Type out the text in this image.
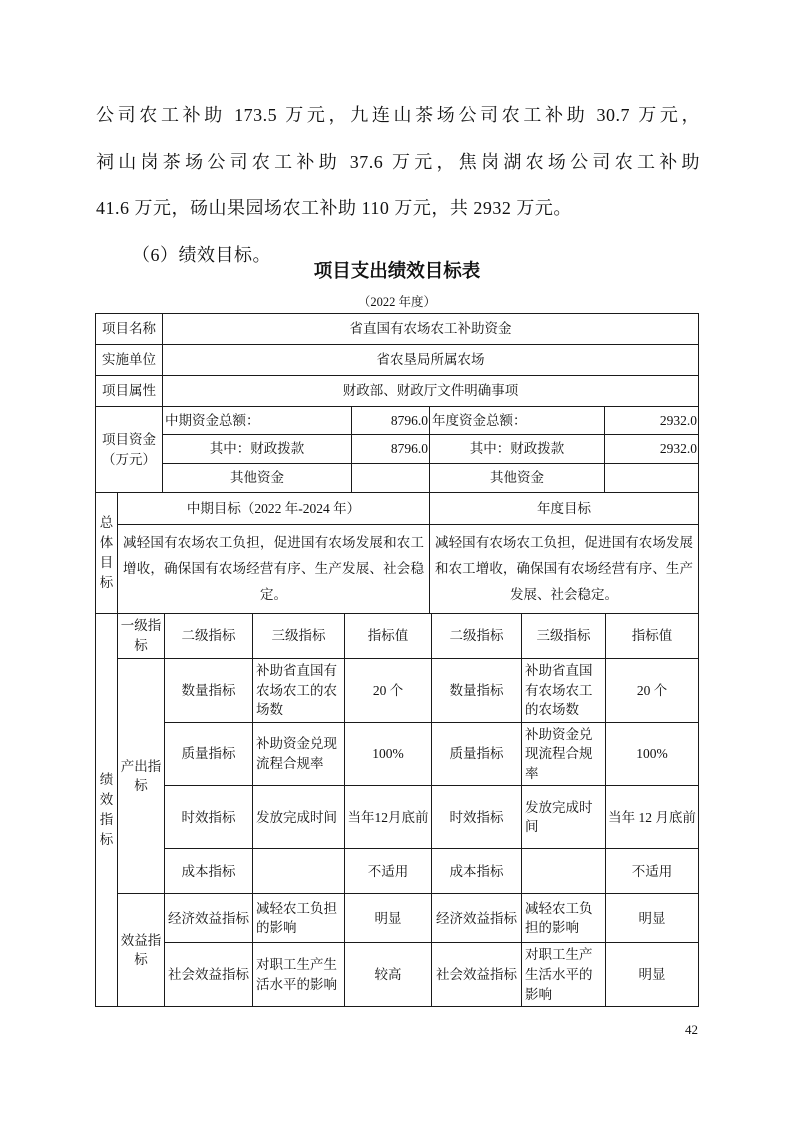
公司农工补助 173.5 万元，九连山茶场公司农工补助 30.7 万元，
祠山岗茶场公司农工补助 37.6 万元，焦岗湖农场公司农工补助
41.6 万元，砀山果园场农工补助 110 万元，共 2932 万元。
（6）绩效目标。
项目支出绩效目标表
（2022 年度）
项目名称	省直国有农场农工补助资金
实施单位	省农垦局所属农场
项目属性	财政部、财政厅文件明确事项
项目资金（万元）	中期资金总额：	8796.0	年度资金总额：	2932.0
	其中：财政拨款	8796.0	其中：财政拨款	2932.0
	其他资金		其他资金	
总体目标	中期目标（2022 年-2024 年）	年度目标
	减轻国有农场农工负担，促进国有农场发展和农工增收，确保国有农场经营有序、生产发展、社会稳定。	减轻国有农场农工负担，促进国有农场发展和农工增收，确保国有农场经营有序、生产发展、社会稳定。
绩效指标	一级指标	二级指标	三级指标	指标值	二级指标	三级指标	指标值
	产出指标	数量指标	补助省直国有农场农工的农场数	20 个	数量指标	补助省直国有农场农工的农场数	20 个
		质量指标	补助资金兑现流程合规率	100%	质量指标	补助资金兑现流程合规率	100%
		时效指标	发放完成时间	当年12月底前	时效指标	发放完成时间	当年 12 月底前
		成本指标		不适用	成本指标		不适用
	效益指标	经济效益指标	减轻农工负担的影响	明显	经济效益指标	减轻农工负担的影响	明显
		社会效益指标	对职工生产生活水平的影响	较高	社会效益指标	对职工生产生活水平的影响	明显
42
